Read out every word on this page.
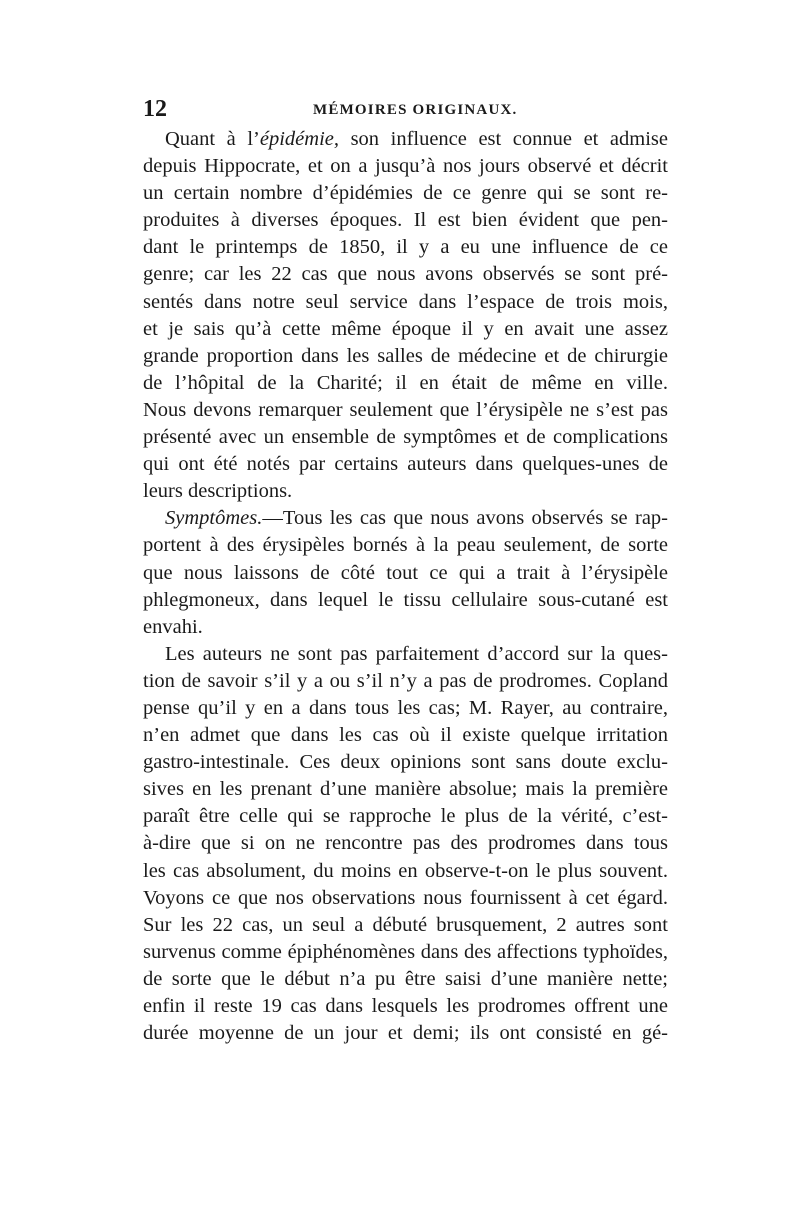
12	MÉMOIRES ORIGINAUX.
Quant à l’épidémie, son influence est connue et admise
depuis Hippocrate, et on a jusqu’à nos jours observé et décrit
un certain nombre d’épidémies de ce genre qui se sont re-
produites à diverses époques. Il est bien évident que pen-
dant le printemps de 1850, il y a eu une influence de ce
genre; car les 22 cas que nous avons observés se sont pré-
sentés dans notre seul service dans l’espace de trois mois,
et je sais qu’à cette même époque il y en avait une assez
grande proportion dans les salles de médecine et de chirurgie
de l’hôpital de la Charité; il en était de même en ville.
Nous devons remarquer seulement que l’érysipèle ne s’est pas
présenté avec un ensemble de symptômes et de complications
qui ont été notés par certains auteurs dans quelques-unes de
leurs descriptions.
Symptômes.—Tous les cas que nous avons observés se rap-
portent à des érysipèles bornés à la peau seulement, de sorte
que nous laissons de côté tout ce qui a trait à l’érysipèle
phlegmoneux, dans lequel le tissu cellulaire sous-cutané est
envahi.
Les auteurs ne sont pas parfaitement d’accord sur la ques-
tion de savoir s’il y a ou s’il n’y a pas de prodromes. Copland
pense qu’il y en a dans tous les cas; M. Rayer, au contraire,
n’en admet que dans les cas où il existe quelque irritation
gastro-intestinale. Ces deux opinions sont sans doute exclu-
sives en les prenant d’une manière absolue; mais la première
paraît être celle qui se rapproche le plus de la vérité, c’est-
à-dire que si on ne rencontre pas des prodromes dans tous
les cas absolument, du moins en observe-t-on le plus souvent.
Voyons ce que nos observations nous fournissent à cet égard.
Sur les 22 cas, un seul a débuté brusquement, 2 autres sont
survenus comme épiphénomènes dans des affections typhoïdes,
de sorte que le début n’a pu être saisi d’une manière nette;
enfin il reste 19 cas dans lesquels les prodromes offrent une
durée moyenne de un jour et demi; ils ont consisté en gé-
